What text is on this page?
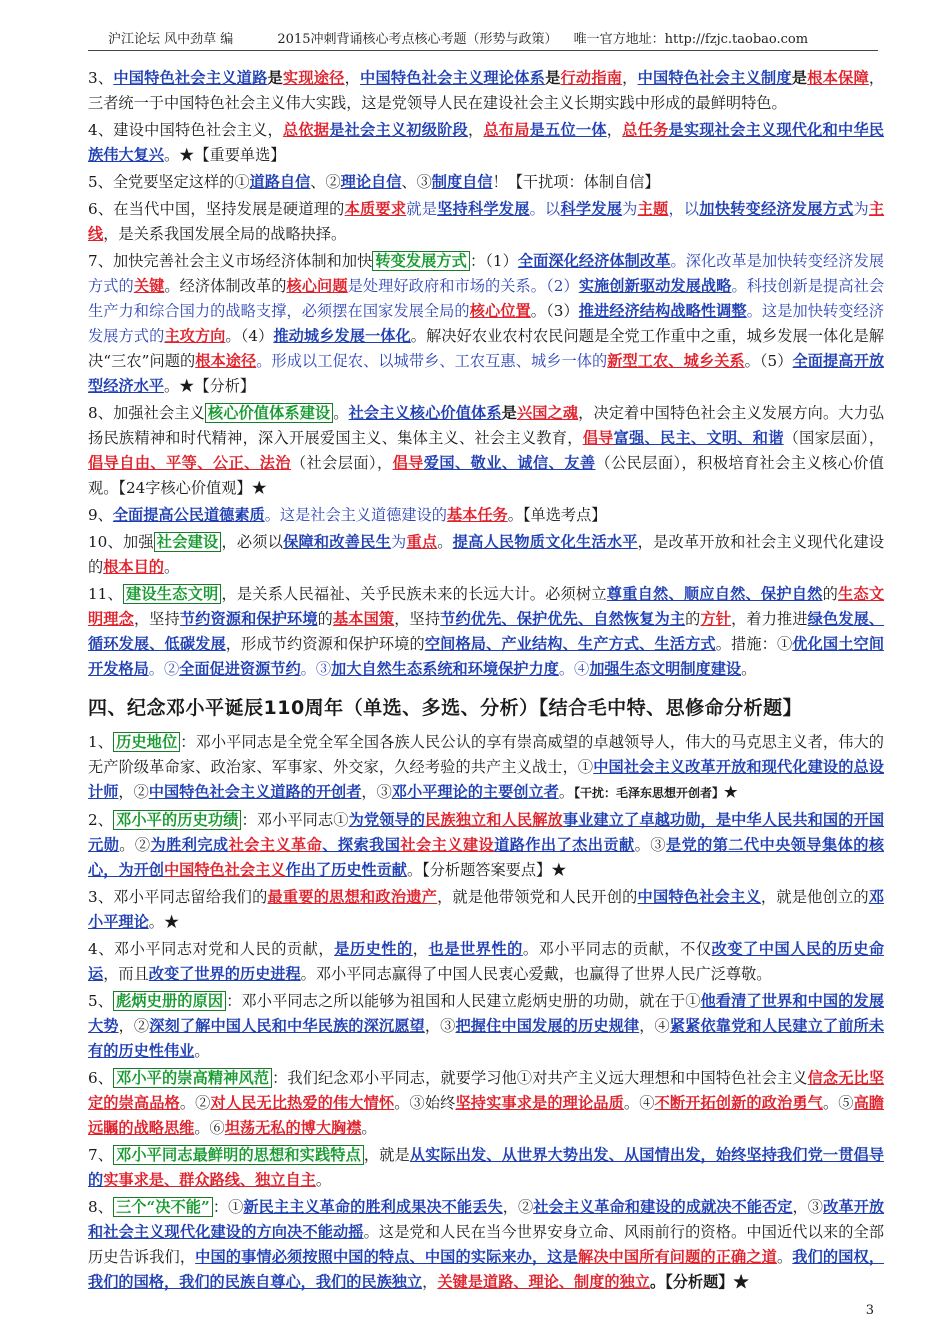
沪江论坛 风中劲草 编	2015冲刺背诵核心考点核心考题（形势与政策） 唯一官方地址：http://fzjc.taobao.com

3、中国特色社会主义道路是实现途径，中国特色社会主义理论体系是行动指南，中国特色社会主义制度是根本保障，三者统一于中国特色社会主义伟大实践，这是党领导人民在建设社会主义长期实践中形成的最鲜明特色。

4、建设中国特色社会主义，总依据是社会主义初级阶段，总布局是五位一体，总任务是实现社会主义现代化和中华民族伟大复兴。★【重要单选】

5、全党要坚定这样的①道路自信、②理论自信、③制度自信！【干扰项：体制自信】

6、在当代中国，坚持发展是硬道理的本质要求就是坚持科学发展。以科学发展为主题，以加快转变经济发展方式为主线，是关系我国发展全局的战略抉择。

7、加快完善社会主义市场经济体制和加快 转变发展方式 ：（1）全面深化经济体制改革。深化改革是加快转变经济发展方式的关键。经济体制改革的核心问题是处理好政府和市场的关系。（2）实施创新驱动发展战略。科技创新是提高社会生产力和综合国力的战略支撑，必须摆在国家发展全局的核心位置。（3）推进经济结构战略性调整。这是加快转变经济发展方式的主攻方向。（4）推动城乡发展一体化。解决好农业农村农民问题是全党工作重中之重，城乡发展一体化是解决“三农”问题的根本途径。形成以工促农、以城带乡、工农互惠、城乡一体的新型工农、城乡关系。（5）全面提高开放型经济水平。★【分析】

8、加强社会主义 核心价值体系建设 。社会主义核心价值体系是兴国之魂，决定着中国特色社会主义发展方向。大力弘扬民族精神和时代精神，深入开展爱国主义、集体主义、社会主义教育，倡导富强、民主、文明、和谐（国家层面），倡导自由、平等、公正、法治（社会层面），倡导爱国、敬业、诚信、友善（公民层面），积极培育社会主义核心价值观。【24字核心价值观】★

9、全面提高公民道德素质。这是社会主义道德建设的基本任务。【单选考点】

10、加强 社会建设 ，必须以保障和改善民生为重点。提高人民物质文化生活水平，是改革开放和社会主义现代化建设的根本目的。

11、 建设生态文明 ，是关系人民福祉、关乎民族未来的长远大计。必须树立尊重自然、顺应自然、保护自然的生态文明理念，坚持节约资源和保护环境的基本国策，坚持节约优先、保护优先、自然恢复为主的方针，着力推进绿色发展、循环发展、低碳发展，形成节约资源和保护环境的空间格局、产业结构、生产方式、生活方式。措施：①优化国土空间开发格局。②全面促进资源节约。③加大自然生态系统和环境保护力度。④加强生态文明制度建设。

四、纪念邓小平诞辰110周年（单选、多选、分析）【结合毛中特、思修命分析题】

1、 历史地位 ：邓小平同志是全党全军全国各族人民公认的享有崇高威望的卓越领导人，伟大的马克思主义者，伟大的无产阶级革命家、政治家、军事家、外交家，久经考验的共产主义战士，①中国社会主义改革开放和现代化建设的总设计师，②中国特色社会主义道路的开创者，③邓小平理论的主要创立者。【干扰：毛泽东思想开创者】★

2、 邓小平的历史功绩 ：邓小平同志①为党领导的民族独立和人民解放事业建立了卓越功勋，是中华人民共和国的开国元勋。②为胜利完成社会主义革命、探索我国社会主义建设道路作出了杰出贡献。③是党的第二代中央领导集体的核心，为开创中国特色社会主义作出了历史性贡献。【分析题答案要点】★

3、邓小平同志留给我们的最重要的思想和政治遗产，就是他带领党和人民开创的中国特色社会主义，就是他创立的邓小平理论。★

4、邓小平同志对党和人民的贡献，是历史性的，也是世界性的。邓小平同志的贡献，不仅改变了中国人民的历史命运，而且改变了世界的历史进程。邓小平同志赢得了中国人民衷心爱戴，也赢得了世界人民广泛尊敬。

5、 彪炳史册的原因 ：邓小平同志之所以能够为祖国和人民建立彪炳史册的功勋，就在于①他看清了世界和中国的发展大势，②深刻了解中国人民和中华民族的深沉愿望，③把握住中国发展的历史规律，④紧紧依靠党和人民建立了前所未有的历史性伟业。

6、 邓小平的崇高精神风范 ：我们纪念邓小平同志，就要学习他①对共产主义远大理想和中国特色社会主义信念无比坚定的崇高品格。②对人民无比热爱的伟大情怀。③始终坚持实事求是的理论品质。④不断开拓创新的政治勇气。⑤高瞻远瞩的战略思维。⑥坦荡无私的博大胸襟。

7、 邓小平同志最鲜明的思想和实践特点 ，就是从实际出发、从世界大势出发、从国情出发，始终坚持我们党一贯倡导的实事求是、群众路线、独立自主。

8、 三个“决不能” ：①新民主主义革命的胜利成果决不能丢失，②社会主义革命和建设的成就决不能否定，③改革开放和社会主义现代化建设的方向决不能动摇。这是党和人民在当今世界安身立命、风雨前行的资格。中国近代以来的全部历史告诉我们，中国的事情必须按照中国的特点、中国的实际来办，这是解决中国所有问题的正确之道。我们的国权，我们的国格，我们的民族自尊心，我们的民族独立，关键是道路、理论、制度的独立。【分析题】★

3
